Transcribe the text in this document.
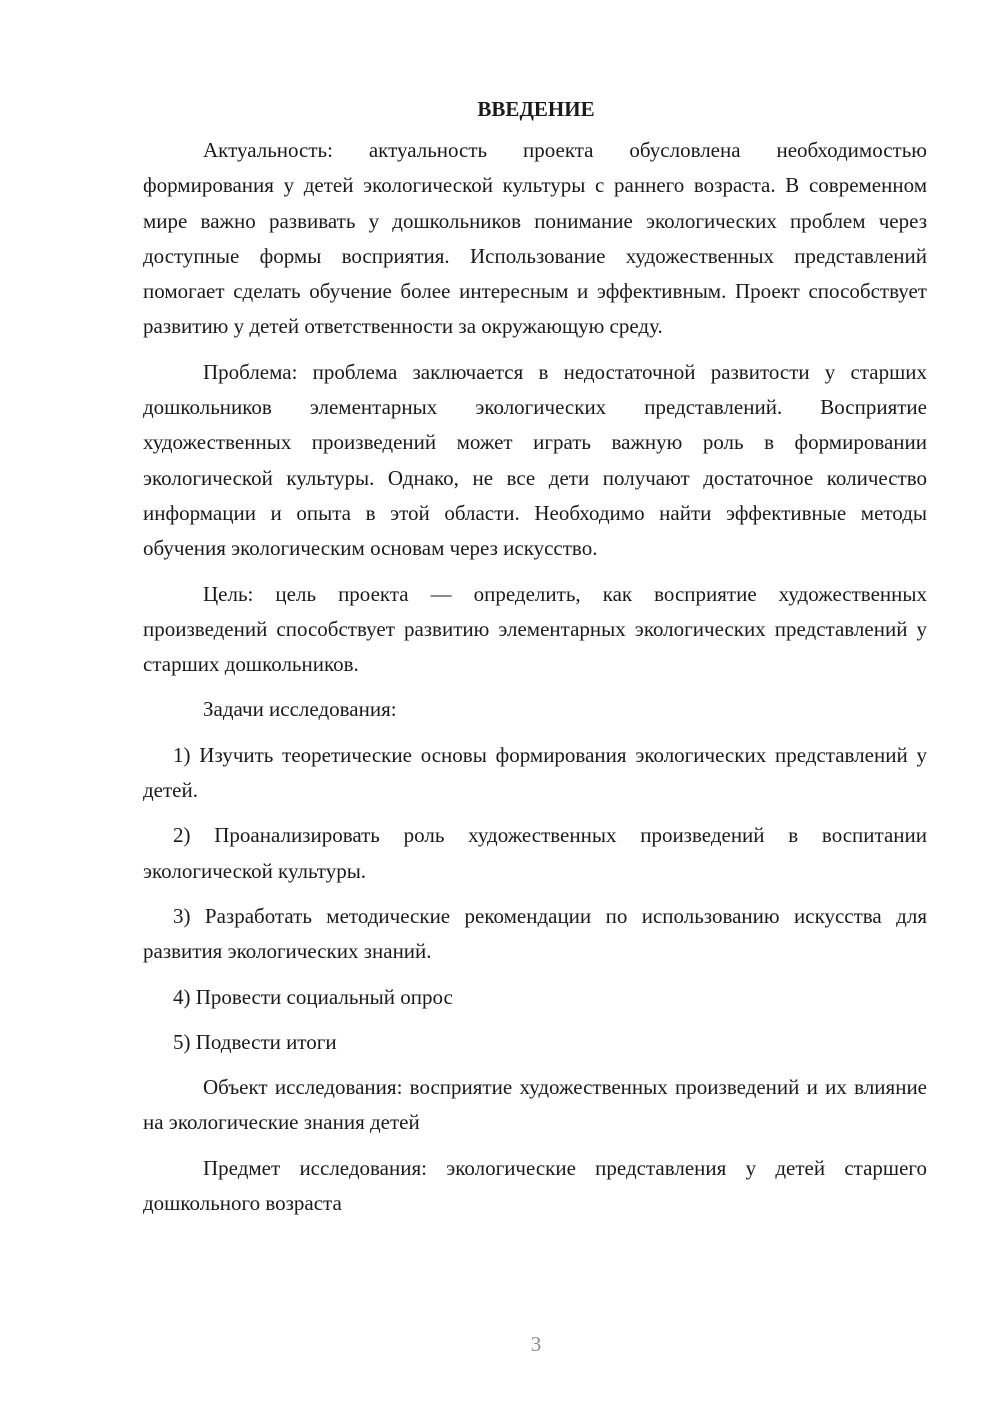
ВВЕДЕНИЕ

Актуальность: актуальность проекта обусловлена необходимостью формирования у детей экологической культуры с раннего возраста. В современном мире важно развивать у дошкольников понимание экологических проблем через доступные формы восприятия. Использование художественных представлений помогает сделать обучение более интересным и эффективным. Проект способствует развитию у детей ответственности за окружающую среду.

Проблема: проблема заключается в недостаточной развитости у старших дошкольников элементарных экологических представлений. Восприятие художественных произведений может играть важную роль в формировании экологической культуры. Однако, не все дети получают достаточное количество информации и опыта в этой области. Необходимо найти эффективные методы обучения экологическим основам через искусство.

Цель: цель проекта — определить, как восприятие художественных произведений способствует развитию элементарных экологических представлений у старших дошкольников.

Задачи исследования:

1) Изучить теоретические основы формирования экологических представлений у детей.

2) Проанализировать роль художественных произведений в воспитании экологической культуры.

3) Разработать методические рекомендации по использованию искусства для развития экологических знаний.

4) Провести социальный опрос

5) Подвести итоги

Объект исследования: восприятие художественных произведений и их влияние на экологические знания детей

Предмет исследования: экологические представления у детей старшего дошкольного возраста

3
